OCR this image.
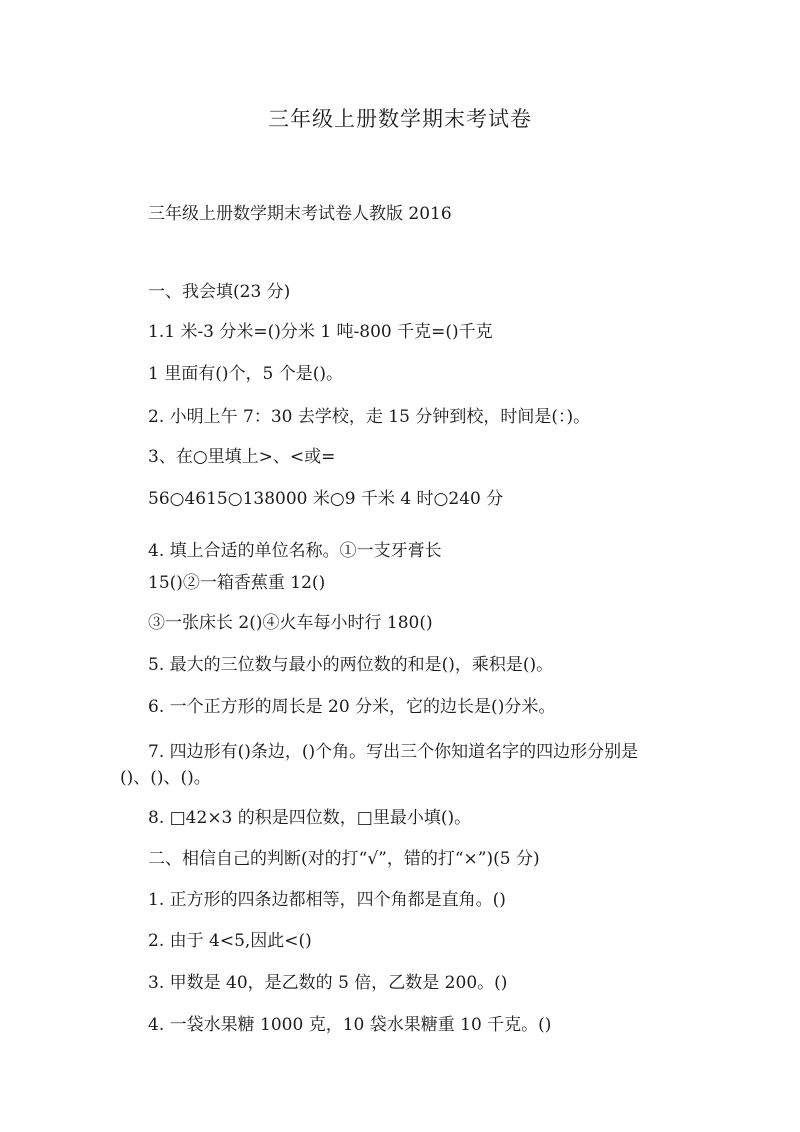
三年级上册数学期末考试卷

三年级上册数学期末考试卷人教版 2016

一、我会填(23 分)

1.1 米-3 分米=()分米 1 吨-800 千克=()千克

1 里面有()个，5 个是()。

2. 小明上午 7：30 去学校，走 15 分钟到校，时间是(：)。

3、在○里填上>、<或=

56○4615○138000 米○9 千米 4 时○240 分

4. 填上合适的单位名称。①一支牙膏长

15()②一箱香蕉重 12()

③一张床长 2()④火车每小时行 180()

5. 最大的三位数与最小的两位数的和是()，乘积是()。

6. 一个正方形的周长是 20 分米，它的边长是()分米。

7. 四边形有()条边，()个角。写出三个你知道名字的四边形分别是

()、()、()。

8. □42×3 的积是四位数，□里最小填()。

二、相信自己的判断(对的打“√”，错的打“×”)(5 分)

1. 正方形的四条边都相等，四个角都是直角。()

2. 由于 4<5,因此<()

3. 甲数是 40，是乙数的 5 倍，乙数是 200。()

4. 一袋水果糖 1000 克，10 袋水果糖重 10 千克。()
